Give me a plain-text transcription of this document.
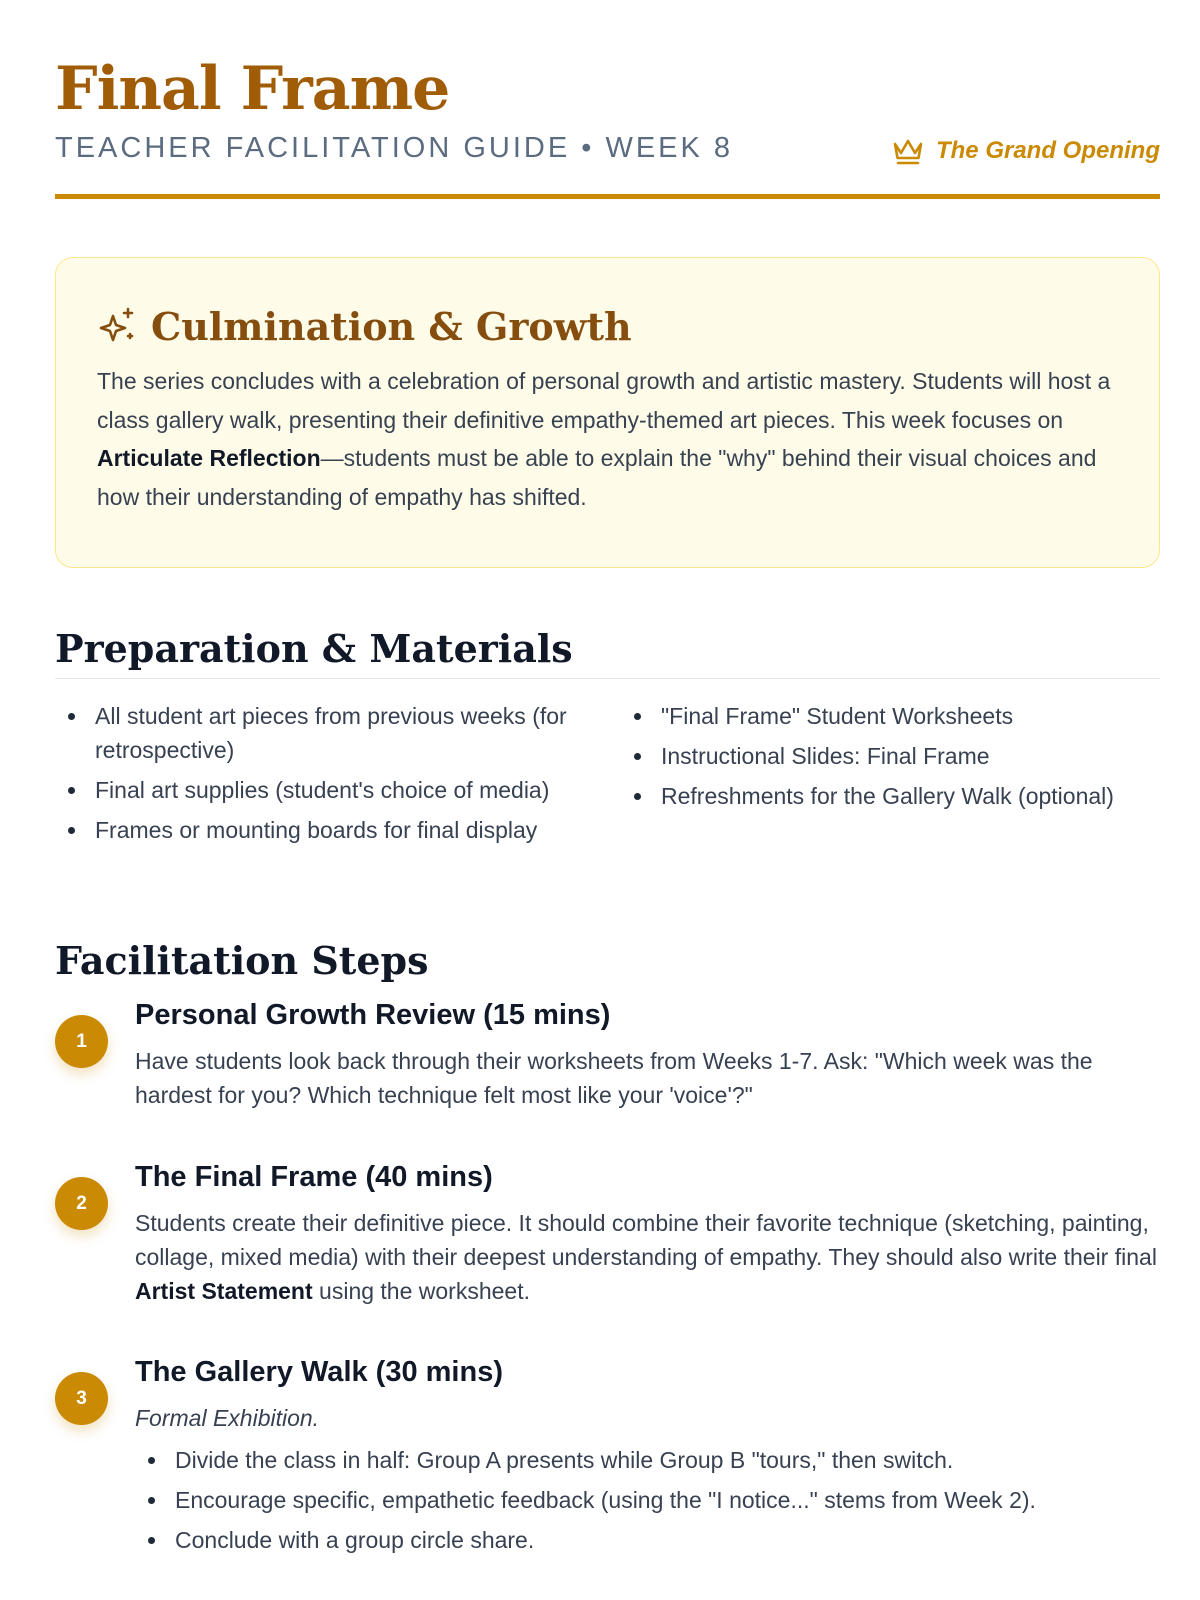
Final Frame
TEACHER FACILITATION GUIDE • WEEK 8	The Grand Opening
Culmination & Growth

The series concludes with a celebration of personal growth and artistic mastery. Students will host a class gallery walk, presenting their definitive empathy-themed art pieces. This week focuses on Articulate Reflection—students must be able to explain the "why" behind their visual choices and how their understanding of empathy has shifted.

Preparation & Materials
All student art pieces from previous weeks (for retrospective)
Final art supplies (student's choice of media)
Frames or mounting boards for final display
"Final Frame" Student Worksheets
Instructional Slides: Final Frame
Refreshments for the Gallery Walk (optional)
Facilitation Steps
1
Personal Growth Review (15 mins)

Have students look back through their worksheets from Weeks 1-7. Ask: "Which week was the hardest for you? Which technique felt most like your 'voice'?"

2
The Final Frame (40 mins)

Students create their definitive piece. It should combine their favorite technique (sketching, painting, collage, mixed media) with their deepest understanding of empathy. They should also write their final Artist Statement using the worksheet.

3
The Gallery Walk (30 mins)

Formal Exhibition.

Divide the class in half: Group A presents while Group B "tours," then switch.
Encourage specific, empathetic feedback (using the "I notice..." stems from Week 2).
Conclude with a group circle share.
